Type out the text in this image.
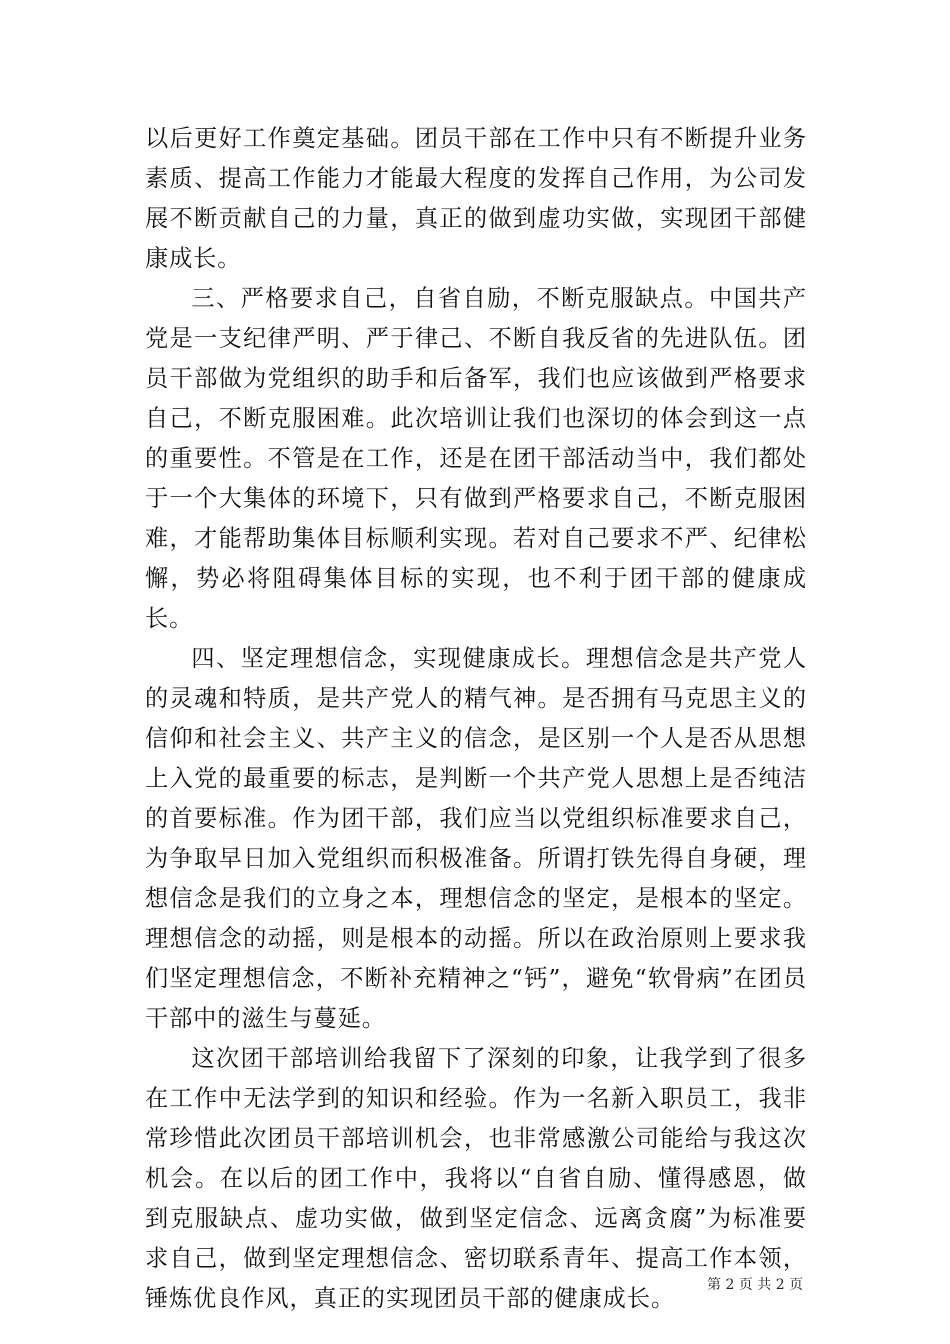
以后更好工作奠定基础。团员干部在工作中只有不断提升业务素质、提高工作能力才能最大程度的发挥自己作用，为公司发展不断贡献自己的力量，真正的做到虚功实做，实现团干部健康成长。

三、严格要求自己，自省自励，不断克服缺点。中国共产党是一支纪律严明、严于律己、不断自我反省的先进队伍。团员干部做为党组织的助手和后备军，我们也应该做到严格要求自己，不断克服困难。此次培训让我们也深切的体会到这一点的重要性。不管是在工作，还是在团干部活动当中，我们都处于一个大集体的环境下，只有做到严格要求自己，不断克服困难，才能帮助集体目标顺利实现。若对自己要求不严、纪律松懈，势必将阻碍集体目标的实现，也不利于团干部的健康成长。

四、坚定理想信念，实现健康成长。理想信念是共产党人的灵魂和特质，是共产党人的精气神。是否拥有马克思主义的信仰和社会主义、共产主义的信念，是区别一个人是否从思想上入党的最重要的标志，是判断一个共产党人思想上是否纯洁的首要标准。作为团干部，我们应当以党组织标准要求自己，为争取早日加入党组织而积极准备。所谓打铁先得自身硬，理想信念是我们的立身之本，理想信念的坚定，是根本的坚定。理想信念的动摇，则是根本的动摇。所以在政治原则上要求我们坚定理想信念，不断补充精神之“钙”，避免“软骨病”在团员干部中的滋生与蔓延。

这次团干部培训给我留下了深刻的印象，让我学到了很多在工作中无法学到的知识和经验。作为一名新入职员工，我非常珍惜此次团员干部培训机会，也非常感激公司能给与我这次机会。在以后的团工作中，我将以“自省自励、懂得感恩，做到克服缺点、虚功实做，做到坚定信念、远离贪腐”为标准要求自己，做到坚定理想信念、密切联系青年、提高工作本领，锤炼优良作风，真正的实现团员干部的健康成长。	第 2 页 共 2 页
